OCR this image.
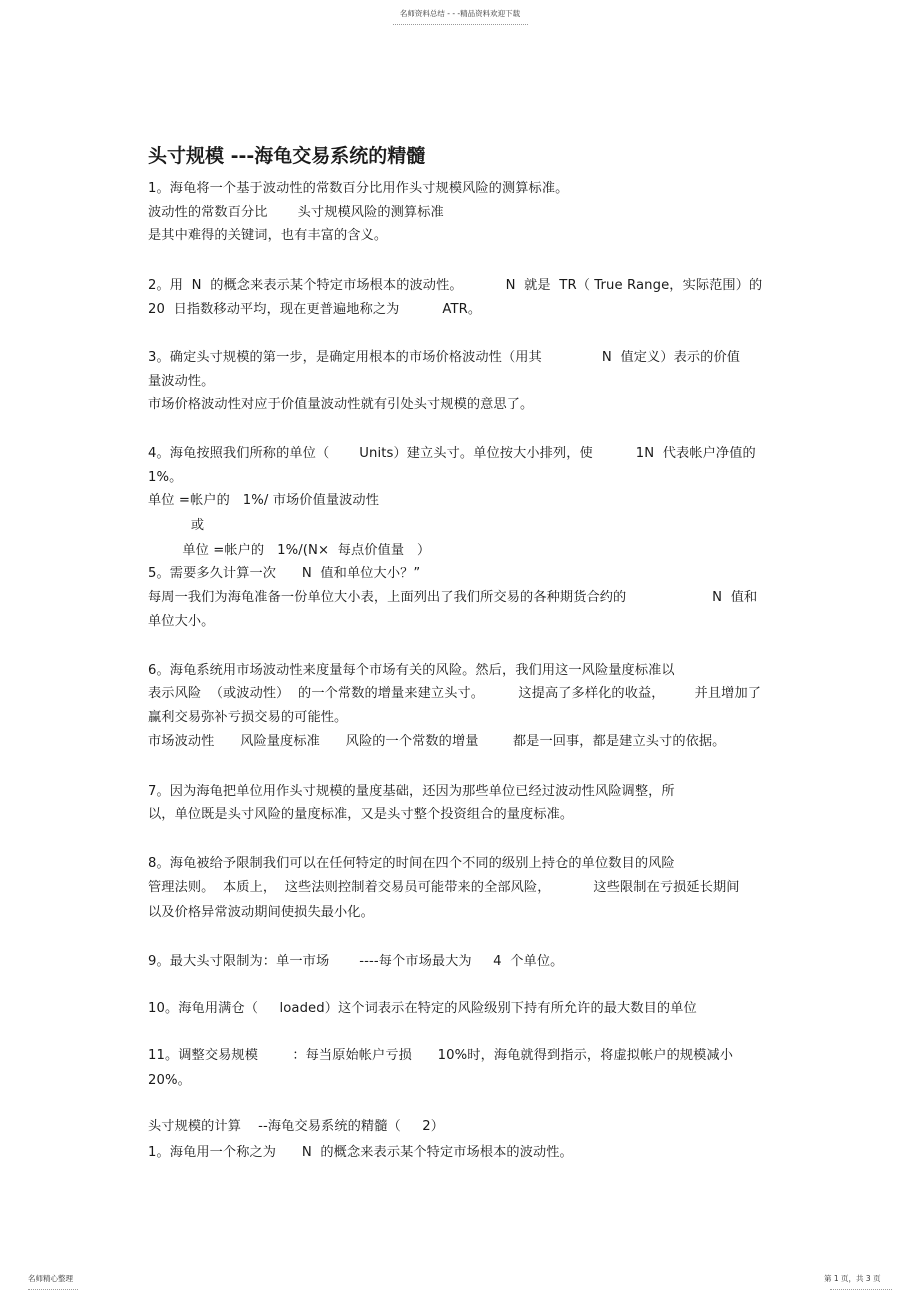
名师资料总结 - - -精品资料欢迎下载
头寸规模 ---海龟交易系统的精髓
1。海龟将一个基于波动性的常数百分比用作头寸规模风险的测算标准。
波动性的常数百分比       头寸规模风险的测算标准
是其中难得的关键词，也有丰富的含义。
2。用  N  的概念来表示某个特定市场根本的波动性。          N  就是  TR（ True Range，实际范围）的
20  日指数移动平均，现在更普遍地称之为          ATR。
3。确定头寸规模的第一步，是确定用根本的市场价格波动性（用其              N  值定义）表示的价值
量波动性。
市场价格波动性对应于价值量波动性就有引处头寸规模的意思了。
4。海龟按照我们所称的单位（       Units）建立头寸。单位按大小排列，使          1N  代表帐户净值的
1%。
单位 =帐户的   1%/ 市场价值量波动性
或
单位 =帐户的   1%/(N×  每点价值量   ）
5。需要多久计算一次      N  值和单位大小？”
每周一我们为海龟准备一份单位大小表，上面列出了我们所交易的各种期货合约的                    N  值和
单位大小。
6。海龟系统用市场波动性来度量每个市场有关的风险。然后，我们用这一风险量度标准以
表示风险  （或波动性）  的一个常数的增量来建立头寸。        这提高了多样化的收益，       并且增加了
赢利交易弥补亏损交易的可能性。
市场波动性      风险量度标准      风险的一个常数的增量        都是一回事，都是建立头寸的依据。
7。因为海龟把单位用作头寸规模的量度基础，还因为那些单位已经过波动性风险调整，所
以，单位既是头寸风险的量度标准，又是头寸整个投资组合的量度标准。
8。海龟被给予限制我们可以在任何特定的时间在四个不同的级别上持仓的单位数目的风险
管理法则。  本质上，  这些法则控制着交易员可能带来的全部风险，          这些限制在亏损延长期间
以及价格异常波动期间使损失最小化。
9。最大头寸限制为：单一市场       ----每个市场最大为     4  个单位。
10。海龟用满仓（     loaded）这个词表示在特定的风险级别下持有所允许的最大数目的单位
11。调整交易规模        ：每当原始帐户亏损      10%时，海龟就得到指示，将虚拟帐户的规模减小
20%。
头寸规模的计算    --海龟交易系统的精髓（     2）
1。海龟用一个称之为      N  的概念来表示某个特定市场根本的波动性。
名师精心整理	第 1 页，共 3 页
